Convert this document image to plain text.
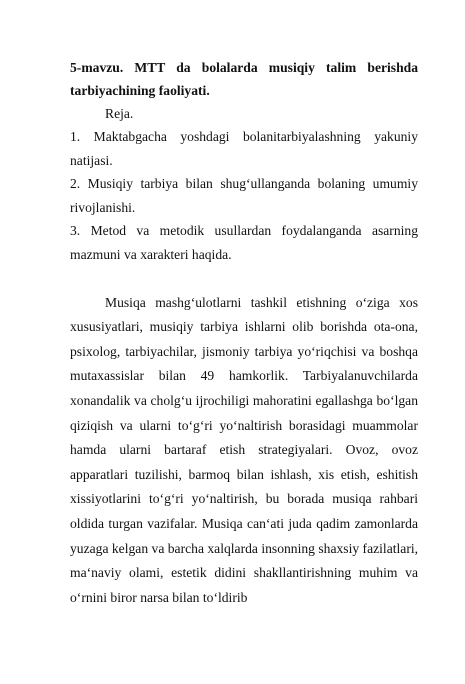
5-mavzu. MTT da bolalarda musiqiy talim berishda tarbiyachining faoliyati.

Reja.

1. Maktabgacha yoshdagi bolanitarbiyalashning yakuniy natijasi.

2. Musiqiy tarbiya bilan shug‘ullanganda bolaning umumiy rivojlanishi.

3. Metod va metodik usullardan foydalanganda asarning mazmuni va xarakteri haqida.

Musiqa mashg‘ulotlarni tashkil etishning o‘ziga xos xususiyatlari, musiqiy tarbiya ishlarni olib borishda ota-ona, psixolog, tarbiyachilar, jismoniy tarbiya yo‘riqchisi va boshqa mutaxassislar bilan 49 hamkorlik. Tarbiyalanuvchilarda xonandalik va cholg‘u ijrochiligi mahoratini egallashga bo‘lgan qiziqish va ularni to‘g‘ri yo‘naltirish borasidagi muammolar hamda ularni bartaraf etish strategiyalari. Ovoz, ovoz apparatlari tuzilishi, barmoq bilan ishlash, xis etish, eshitish xissiyotlarini to‘g‘ri yo‘naltirish, bu borada musiqa rahbari oldida turgan vazifalar. Musiqa can‘ati juda qadim zamonlarda yuzaga kelgan va barcha xalqlarda insonning shaxsiy fazilatlari, ma‘naviy olami, estetik didini shakllantirishning muhim va o‘rnini biror narsa bilan to‘ldirib
